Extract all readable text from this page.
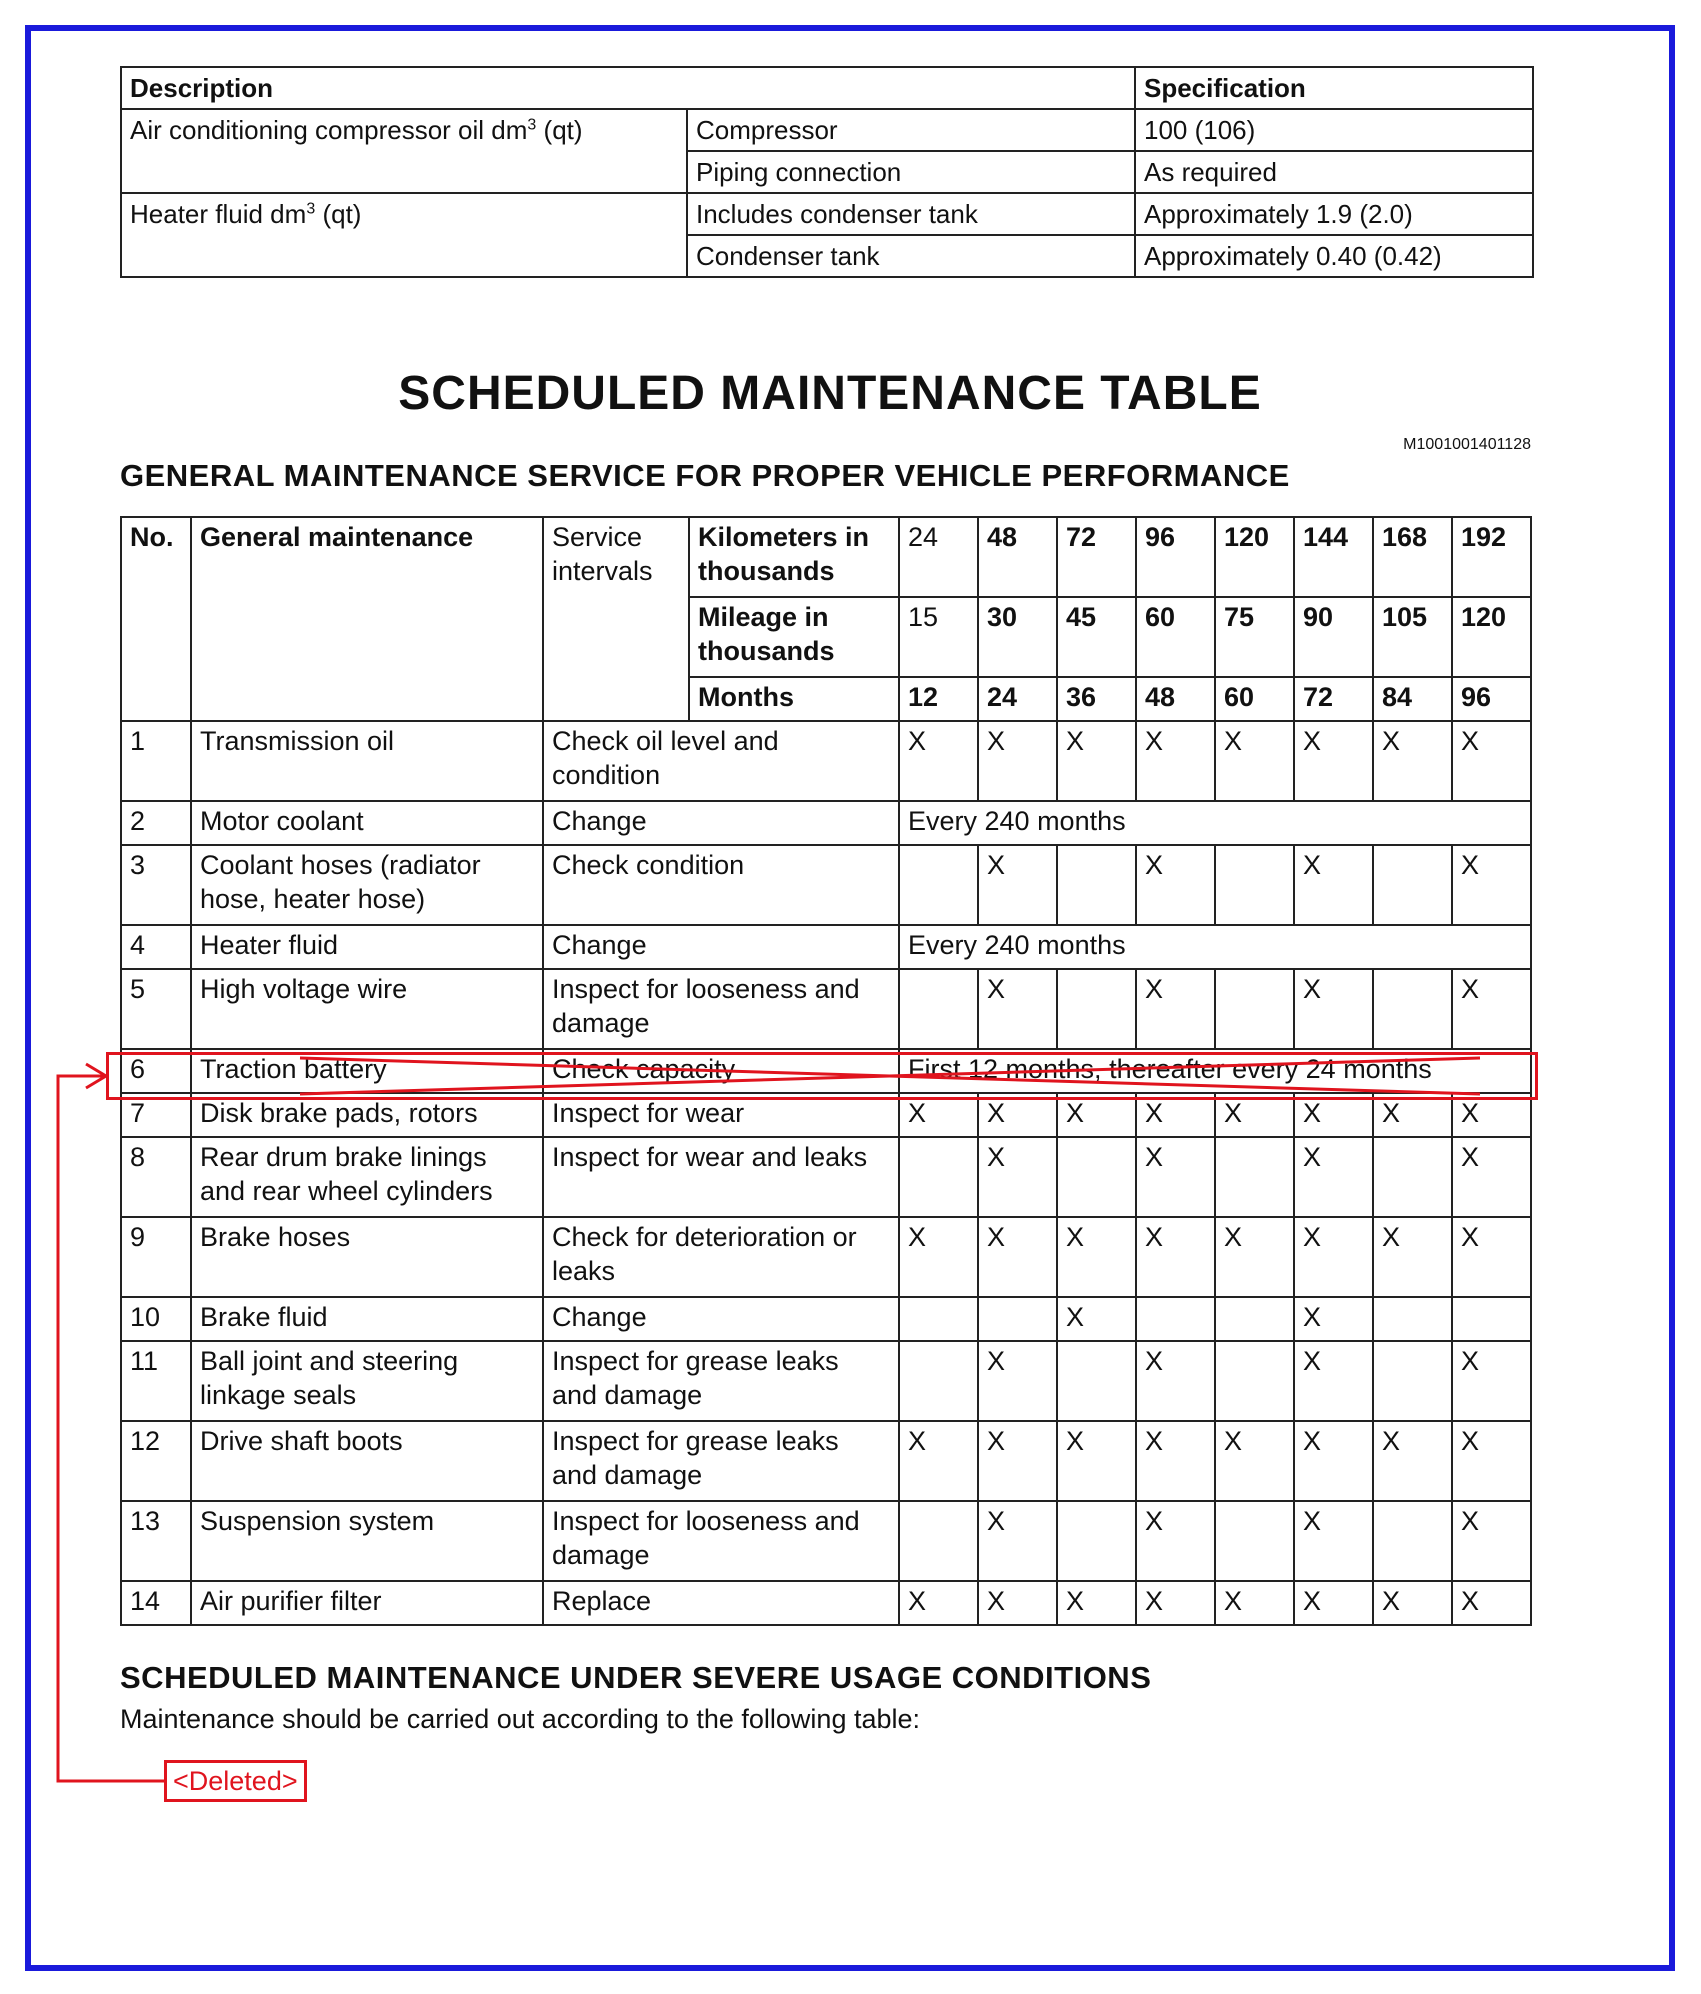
Description		Specification
Air conditioning compressor oil $dm^3$ (qt)	Compressor	100 (106)
	Piping connection	As required
Heater fluid $dm^3$ (qt)	Includes condenser tank	Approximately 1.9 (2.0)
	Condenser tank	Approximately 0.40 (0.42)
SCHEDULED MAINTENANCE TABLE
M1001001401128
GENERAL MAINTENANCE SERVICE FOR PROPER VEHICLE PERFORMANCE
No.	General maintenance	Service intervals	Kilometers in thousands	24	48	72	96	120	144	168	192
			Mileage in thousands	15	30	45	60	75	90	105	120
			Months	12	24	36	48	60	72	84	96
1	Transmission oil	Check oil level and condition		X	X	X	X	X	X	X	X
2	Motor coolant	Change		Every 240 months							
3	Coolant hoses (radiator hose, heater hose)	Check condition			X		X		X		X
4	Heater fluid	Change		Every 240 months							
5	High voltage wire	Inspect for looseness and damage			X		X		X		X
6	Traction battery	Check capacity		First 12 months, thereafter every 24 months							
7	Disk brake pads, rotors	Inspect for wear		X	X	X	X	X	X	X	X
8	Rear drum brake linings and rear wheel cylinders	Inspect for wear and leaks			X		X		X		X
9	Brake hoses	Check for deterioration or leaks		X	X	X	X	X	X	X	X
10	Brake fluid	Change				X			X		
11	Ball joint and steering linkage seals	Inspect for grease leaks and damage			X		X		X		X
12	Drive shaft boots	Inspect for grease leaks and damage		X	X	X	X	X	X	X	X
13	Suspension system	Inspect for looseness and damage			X		X		X		X
14	Air purifier filter	Replace		X	X	X	X	X	X	X	X
SCHEDULED MAINTENANCE UNDER SEVERE USAGE CONDITIONS

Maintenance should be carried out according to the following table:

<Deleted>
